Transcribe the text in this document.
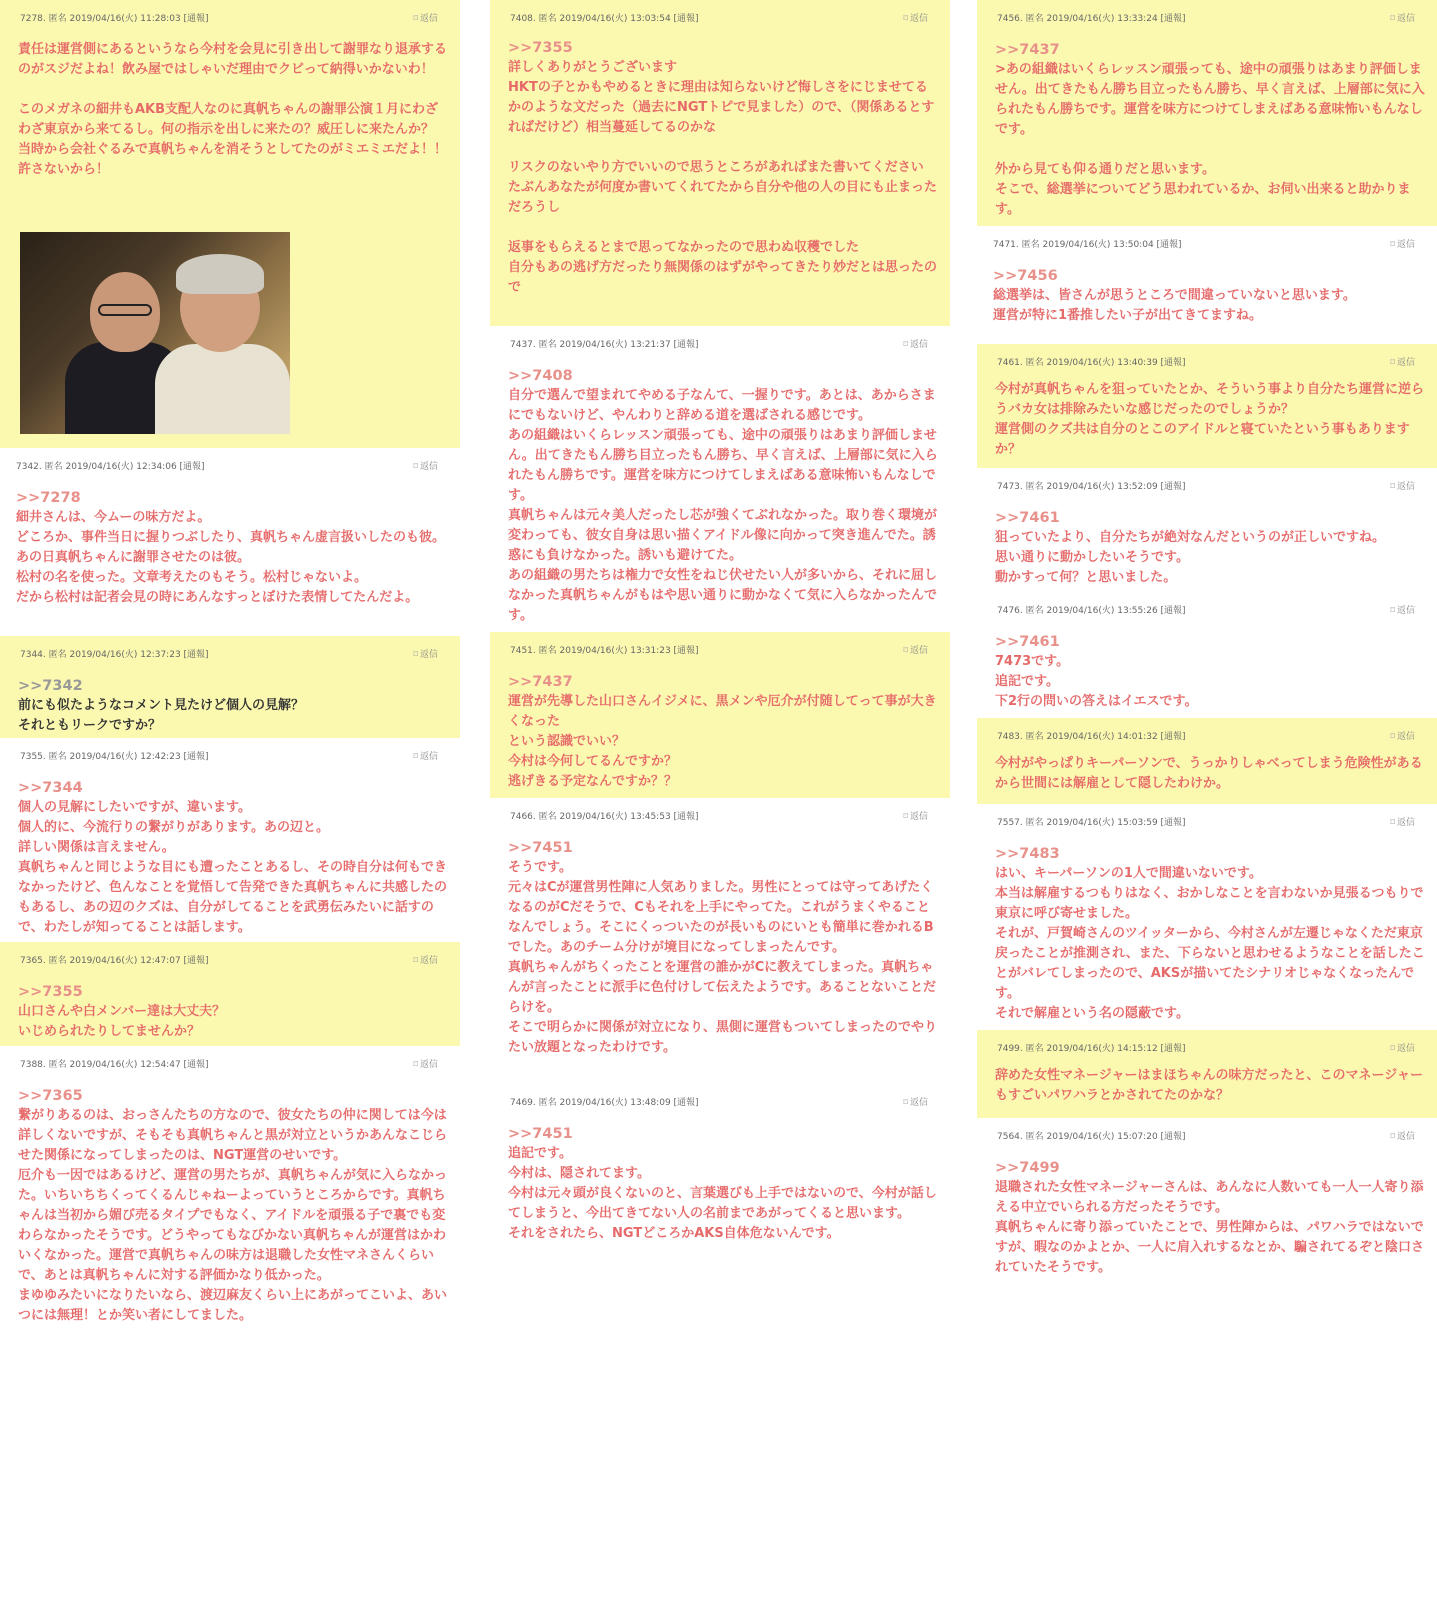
7278. 匿名 2019/04/16(火) 11:28:03 [通報]	⌑ 返信
責任は運営側にあるというなら今村を会見に引き出して謝罪なり退承するのがスジだよね！飲み屋ではしゃいだ理由でクビって納得いかないわ！

このメガネの細井もAKB支配人なのに真帆ちゃんの謝罪公演１月にわざわざ東京から来てるし。何の指示を出しに来たの？威圧しに来たんか？
当時から会社ぐるみで真帆ちゃんを消そうとしてたのがミエミエだよ！！許さないから！
7342. 匿名 2019/04/16(火) 12:34:06 [通報]	⌑ 返信
>>7278
細井さんは、今ムーの味方だよ。
どころか、事件当日に握りつぶしたり、真帆ちゃん虚言扱いしたのも彼。
あの日真帆ちゃんに謝罪させたのは彼。
松村の名を使った。文章考えたのもそう。松村じゃないよ。
だから松村は記者会見の時にあんなすっとぼけた表情してたんだよ。
7344. 匿名 2019/04/16(火) 12:37:23 [通報]	⌑ 返信
>>7342
前にも似たようなコメント見たけど個人の見解？
それともリークですか？
7355. 匿名 2019/04/16(火) 12:42:23 [通報]	⌑ 返信
>>7344
個人の見解にしたいですが、違います。
個人的に、今流行りの繋がりがあります。あの辺と。
詳しい関係は言えません。
真帆ちゃんと同じような目にも遭ったことあるし、その時自分は何もできなかったけど、色んなことを覚悟して告発できた真帆ちゃんに共感したのもあるし、あの辺のクズは、自分がしてることを武勇伝みたいに話すので、わたしが知ってることは話します。
7365. 匿名 2019/04/16(火) 12:47:07 [通報]	⌑ 返信
>>7355
山口さんや白メンバー達は大丈夫？
いじめられたりしてませんか？
7388. 匿名 2019/04/16(火) 12:54:47 [通報]	⌑ 返信
>>7365
繋がりあるのは、おっさんたちの方なので、彼女たちの仲に関しては今は詳しくないですが、そもそも真帆ちゃんと黒が対立というかあんなこじらせた関係になってしまったのは、NGT運営のせいです。
厄介も一因ではあるけど、運営の男たちが、真帆ちゃんが気に入らなかった。いちいちちくってくるんじゃねーよっていうところからです。真帆ちゃんは当初から媚び売るタイプでもなく、アイドルを頑張る子で裏でも変わらなかったそうです。どうやってもなびかない真帆ちゃんが運営はかわいくなかった。運営で真帆ちゃんの味方は退職した女性マネさんくらいで、あとは真帆ちゃんに対する評価かなり低かった。
まゆゆみたいになりたいなら、渡辺麻友くらい上にあがってこいよ、あいつには無理！とか笑い者にしてました。
7408. 匿名 2019/04/16(火) 13:03:54 [通報]	⌑ 返信
>>7355
詳しくありがとうございます
HKTの子とかもやめるときに理由は知らないけど悔しさをにじませてるかのような文だった（過去にNGTトピで見ました）ので、（関係あるとすればだけど）相当蔓延してるのかな

リスクのないやり方でいいので思うところがあればまた書いてください
たぶんあなたが何度か書いてくれてたから自分や他の人の目にも止まっただろうし

返事をもらえるとまで思ってなかったので思わぬ収穫でした
自分もあの逃げ方だったり無関係のはずがやってきたり妙だとは思ったので
7437. 匿名 2019/04/16(火) 13:21:37 [通報]	⌑ 返信
>>7408
自分で選んで望まれてやめる子なんて、一握りです。あとは、あからさまにでもないけど、やんわりと辞める道を選ばされる感じです。
あの組織はいくらレッスン頑張っても、途中の頑張りはあまり評価しません。出てきたもん勝ち目立ったもん勝ち、早く言えば、上層部に気に入られたもん勝ちです。運営を味方につけてしまえばある意味怖いもんなしです。
真帆ちゃんは元々美人だったし芯が強くてぶれなかった。取り巻く環境が変わっても、彼女自身は思い描くアイドル像に向かって突き進んでた。誘惑にも負けなかった。誘いも避けてた。
あの組織の男たちは権力で女性をねじ伏せたい人が多いから、それに屈しなかった真帆ちゃんがもはや思い通りに動かなくて気に入らなかったんです。
7451. 匿名 2019/04/16(火) 13:31:23 [通報]	⌑ 返信
>>7437
運営が先導した山口さんイジメに、黒メンや厄介が付随してって事が大きくなった
という認識でいい？
今村は今何してるんですか？
逃げきる予定なんですか？？
7466. 匿名 2019/04/16(火) 13:45:53 [通報]	⌑ 返信
>>7451
そうです。
元々はCが運営男性陣に人気ありました。男性にとっては守ってあげたくなるのがCだそうで、Cもそれを上手にやってた。これがうまくやることなんでしょう。そこにくっついたのが長いものにいとも簡単に巻かれるBでした。あのチーム分けが境目になってしまったんです。
真帆ちゃんがちくったことを運営の誰かがCに教えてしまった。真帆ちゃんが言ったことに派手に色付けして伝えたようです。あることないことだらけを。
そこで明らかに関係が対立になり、黒側に運営もついてしまったのでやりたい放題となったわけです。
7469. 匿名 2019/04/16(火) 13:48:09 [通報]	⌑ 返信
>>7451
追記です。
今村は、隠されてます。
今村は元々頭が良くないのと、言葉選びも上手ではないので、今村が話してしまうと、今出てきてない人の名前まであがってくると思います。
それをされたら、NGTどころかAKS自体危ないんです。
7456. 匿名 2019/04/16(火) 13:33:24 [通報]	⌑ 返信
>>7437
>あの組織はいくらレッスン頑張っても、途中の頑張りはあまり評価しません。出てきたもん勝ち目立ったもん勝ち、早く言えば、上層部に気に入られたもん勝ちです。運営を味方につけてしまえばある意味怖いもんなしです。

外から見ても仰る通りだと思います。
そこで、総選挙についてどう思われているか、お伺い出来ると助かります。
7471. 匿名 2019/04/16(火) 13:50:04 [通報]	⌑ 返信
>>7456
総選挙は、皆さんが思うところで間違っていないと思います。
運営が特に1番推したい子が出てきてますね。
7461. 匿名 2019/04/16(火) 13:40:39 [通報]	⌑ 返信
今村が真帆ちゃんを狙っていたとか、そういう事より自分たち運営に逆らうバカ女は排除みたいな感じだったのでしょうか？
運営側のクズ共は自分のとこのアイドルと寝ていたという事もありますか？
7473. 匿名 2019/04/16(火) 13:52:09 [通報]	⌑ 返信
>>7461
狙っていたより、自分たちが絶対なんだというのが正しいですね。
思い通りに動かしたいそうです。
動かすって何？と思いました。
7476. 匿名 2019/04/16(火) 13:55:26 [通報]	⌑ 返信
>>7461
7473です。
追記です。
下2行の問いの答えはイエスです。
7483. 匿名 2019/04/16(火) 14:01:32 [通報]	⌑ 返信
今村がやっぱりキーパーソンで、うっかりしゃべってしまう危険性があるから世間には解雇として隠したわけか。
7557. 匿名 2019/04/16(火) 15:03:59 [通報]	⌑ 返信
>>7483
はい、キーパーソンの1人で間違いないです。
本当は解雇するつもりはなく、おかしなことを言わないか見張るつもりで東京に呼び寄せました。
それが、戸賀崎さんのツイッターから、今村さんが左遷じゃなくただ東京戻ったことが推測され、また、下らないと思わせるようなことを話したことがバレてしまったので、AKSが描いてたシナリオじゃなくなったんです。
それで解雇という名の隠蔽です。
7499. 匿名 2019/04/16(火) 14:15:12 [通報]	⌑ 返信
辞めた女性マネージャーはまほちゃんの味方だったと、このマネージャーもすごいパワハラとかされてたのかな？
7564. 匿名 2019/04/16(火) 15:07:20 [通報]	⌑ 返信
>>7499
退職された女性マネージャーさんは、あんなに人数いても一人一人寄り添える中立でいられる方だったそうです。
真帆ちゃんに寄り添っていたことで、男性陣からは、パワハラではないですが、暇なのかよとか、一人に肩入れするなとか、騙されてるぞと陰口されていたそうです。
